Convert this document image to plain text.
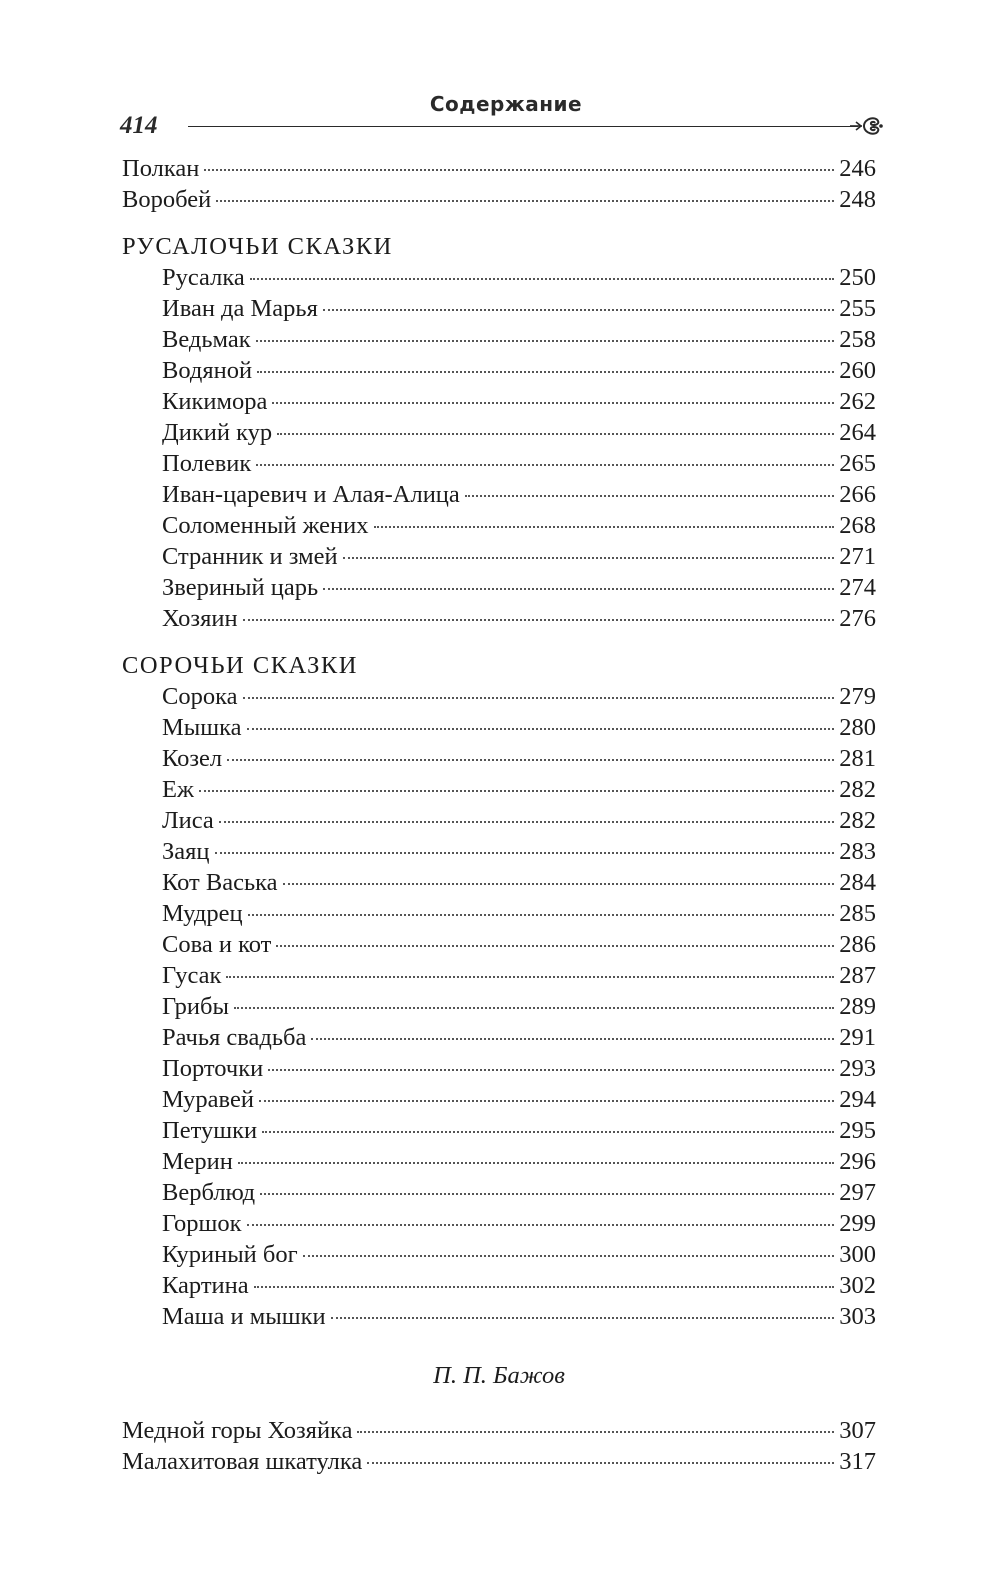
414
Содержание
Полкан	246
Воробей	248
РУСАЛОЧЬИ СКАЗКИ
Русалка	250
Иван да Марья	255
Ведьмак	258
Водяной	260
Кикимора	262
Дикий кур	264
Полевик	265
Иван-царевич и Алая-Алица	266
Соломенный жених	268
Странник и змей	271
Звериный царь	274
Хозяин	276
СОРОЧЬИ СКАЗКИ
Сорока	279
Мышка	280
Козел	281
Еж	282
Лиса	282
Заяц	283
Кот Васька	284
Мудрец	285
Сова и кот	286
Гусак	287
Грибы	289
Рачья свадьба	291
Порточки	293
Муравей	294
Петушки	295
Мерин	296
Верблюд	297
Горшок	299
Куриный бог	300
Картина	302
Маша и мышки	303
П. П. Бажов
Медной горы Хозяйка	307
Малахитовая шкатулка	317
